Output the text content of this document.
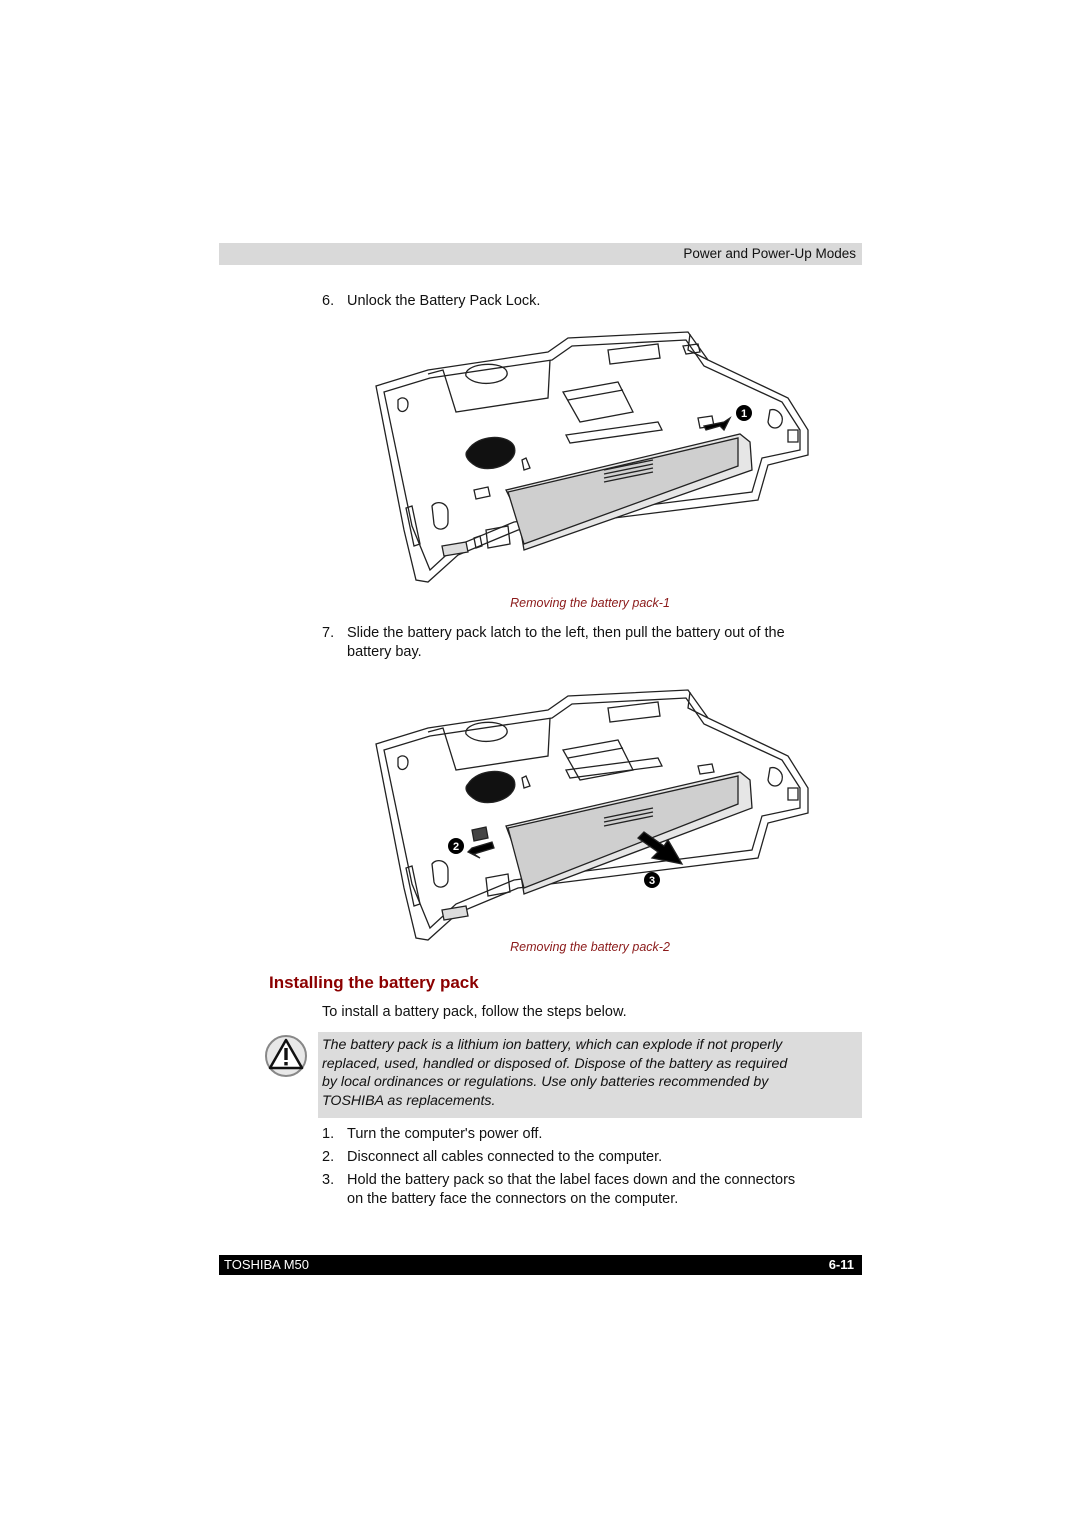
Power and Power-Up Modes
6. Unlock the Battery Pack Lock.
1
Removing the battery pack-1
7. Slide the battery pack latch to the left, then pull the battery out of the
battery bay.
2
3
Removing the battery pack-2
Installing the battery pack
To install a battery pack, follow the steps below.
The battery pack is a lithium ion battery, which can explode if not properly
replaced, used, handled or disposed of. Dispose of the battery as required
by local ordinances or regulations. Use only batteries recommended by
TOSHIBA as replacements.
1. Turn the computer's power off.
2. Disconnect all cables connected to the computer.
3. Hold the battery pack so that the label faces down and the connectors
on the battery face the connectors on the computer.
TOSHIBA M50	6-11
